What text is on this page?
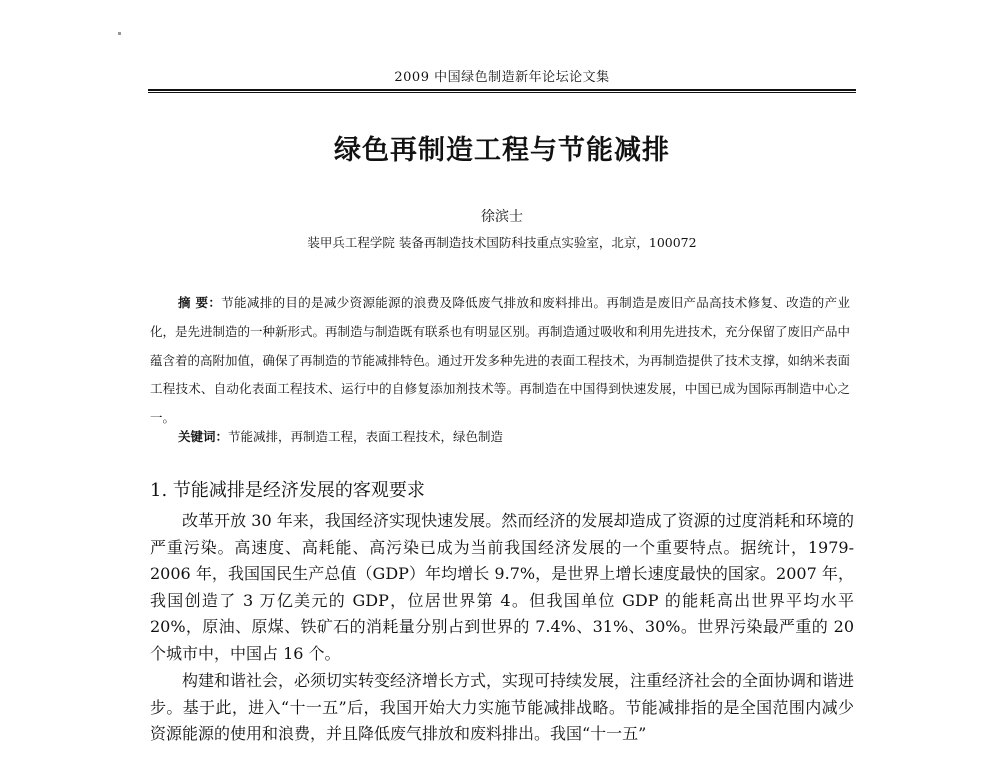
2009 中国绿色制造新年论坛论文集
绿色再制造工程与节能减排
徐滨士
装甲兵工程学院 装备再制造技术国防科技重点实验室，北京，100072

摘 要：节能减排的目的是减少资源能源的浪费及降低废气排放和废料排出。再制造是废旧产品高技术修复、改造的产业化，是先进制造的一种新形式。再制造与制造既有联系也有明显区别。再制造通过吸收和利用先进技术，充分保留了废旧产品中蕴含着的高附加值，确保了再制造的节能减排特色。通过开发多种先进的表面工程技术，为再制造提供了技术支撑，如纳米表面工程技术、自动化表面工程技术、运行中的自修复添加剂技术等。再制造在中国得到快速发展，中国已成为国际再制造中心之一。

关键词：节能减排，再制造工程，表面工程技术，绿色制造
1. 节能减排是经济发展的客观要求

改革开放 30 年来，我国经济实现快速发展。然而经济的发展却造成了资源的过度消耗和环境的严重污染。高速度、高耗能、高污染已成为当前我国经济发展的一个重要特点。据统计，1979-2006 年，我国国民生产总值（GDP）年均增长 9.7%，是世界上增长速度最快的国家。2007 年，我国创造了 3 万亿美元的 GDP，位居世界第 4。但我国单位 GDP 的能耗高出世界平均水平 20%，原油、原煤、铁矿石的消耗量分别占到世界的 7.4%、31%、30%。世界污染最严重的 20 个城市中，中国占 16 个。

构建和谐社会，必须切实转变经济增长方式，实现可持续发展，注重经济社会的全面协调和谐进步。基于此，进入“十一五”后，我国开始大力实施节能减排战略。节能减排指的是全国范围内减少资源能源的使用和浪费，并且降低废气排放和废料排出。我国“十一五”
